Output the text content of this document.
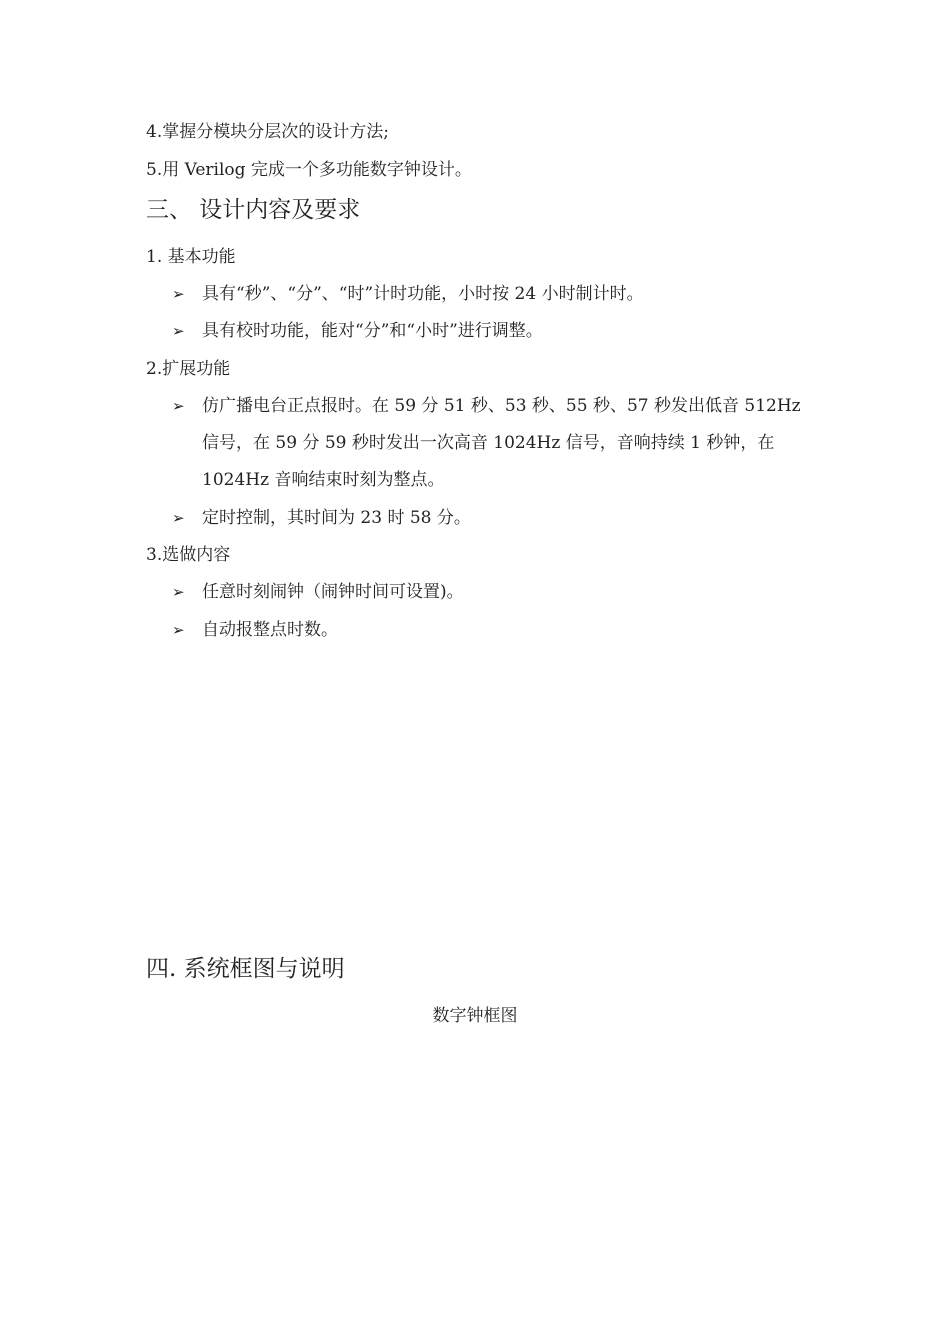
4.掌握分模块分层次的设计方法;
5.用 Verilog 完成一个多功能数字钟设计。
三、 设计内容及要求
1. 基本功能
➢ 具有“秒”、“分”、“时”计时功能，小时按 24 小时制计时。
➢ 具有校时功能，能对“分”和“小时”进行调整。
2.扩展功能
➢ 仿广播电台正点报时。在 59 分 51 秒、53 秒、55 秒、57 秒发出低音 512Hz
信号，在 59 分 59 秒时发出一次高音 1024Hz 信号，音响持续 1 秒钟，在
1024Hz 音响结束时刻为整点。
➢ 定时控制，其时间为 23 时 58 分。
3.选做内容
➢ 任意时刻闹钟（闹钟时间可设置)。
➢ 自动报整点时数。
四. 系统框图与说明
数字钟框图
